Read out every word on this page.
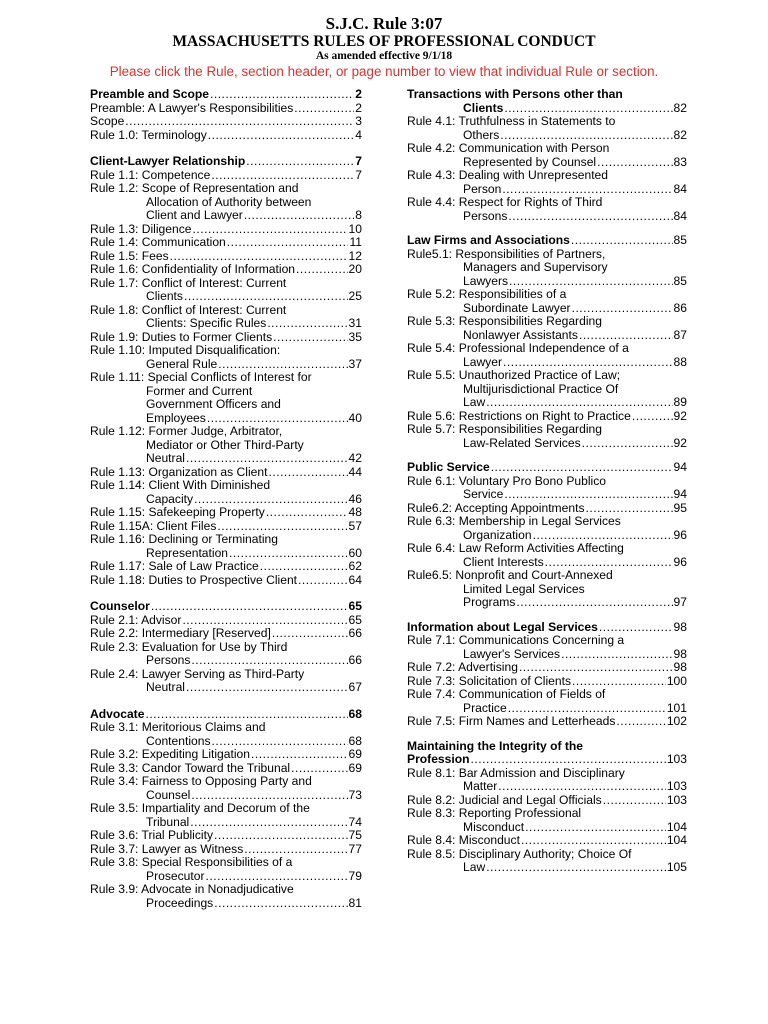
S.J.C. Rule 3:07
MASSACHUSETTS RULES OF PROFESSIONAL CONDUCT
As amended effective 9/1/18
Please click the Rule, section header, or page number to view that individual Rule or section.
Preamble and Scope .....	2
Preamble: A Lawyer's Responsibilities .....	2
Scope .....	3
Rule 1.0: Terminology .....	4
Client-Lawyer Relationship .....	7
Rule 1.1: Competence .....	7
Rule 1.2: Scope of Representation and
Allocation of Authority between
Client and Lawyer .....	8
Rule 1.3: Diligence .....	10
Rule 1.4: Communication .....	11
Rule 1.5: Fees .....	12
Rule 1.6: Confidentiality of Information .....	20
Rule 1.7: Conflict of Interest: Current
Clients .....	25
Rule 1.8: Conflict of Interest: Current
Clients: Specific Rules .....	31
Rule 1.9: Duties to Former Clients .....	35
Rule 1.10: Imputed Disqualification:
General Rule .....	37
Rule 1.11: Special Conflicts of Interest for
Former and Current
Government Officers and
Employees .....	40
Rule 1.12: Former Judge, Arbitrator,
Mediator or Other Third-Party
Neutral .....	42
Rule 1.13: Organization as Client .....	44
Rule 1.14: Client With Diminished
Capacity .....	46
Rule 1.15: Safekeeping Property .....	48
Rule 1.15A: Client Files .....	57
Rule 1.16: Declining or Terminating
Representation .....	60
Rule 1.17: Sale of Law Practice .....	62
Rule 1.18: Duties to Prospective Client .....	64
Counselor .....	65
Rule 2.1: Advisor .....	65
Rule 2.2: Intermediary [Reserved] .....	66
Rule 2.3: Evaluation for Use by Third
Persons .....	66
Rule 2.4: Lawyer Serving as Third-Party
Neutral .....	67
Advocate .....	68
Rule 3.1: Meritorious Claims and
Contentions .....	68
Rule 3.2: Expediting Litigation .....	69
Rule 3.3: Candor Toward the Tribunal .....	69
Rule 3.4: Fairness to Opposing Party and
Counsel .....	73
Rule 3.5: Impartiality and Decorum of the
Tribunal .....	74
Rule 3.6: Trial Publicity .....	75
Rule 3.7: Lawyer as Witness .....	77
Rule 3.8: Special Responsibilities of a
Prosecutor .....	79
Rule 3.9: Advocate in Nonadjudicative
Proceedings .....	81
Transactions with Persons other than
Clients .....	82
Rule 4.1: Truthfulness in Statements to
Others .....	82
Rule 4.2: Communication with Person
Represented by Counsel .....	83
Rule 4.3: Dealing with Unrepresented
Person .....	84
Rule 4.4: Respect for Rights of Third
Persons .....	84
Law Firms and Associations .....	85
Rule5.1: Responsibilities of Partners,
Managers and Supervisory
Lawyers .....	85
Rule 5.2: Responsibilities of a
Subordinate Lawyer .....	86
Rule 5.3: Responsibilities Regarding
Nonlawyer Assistants .....	87
Rule 5.4: Professional Independence of a
Lawyer .....	88
Rule 5.5: Unauthorized Practice of Law;
Multijurisdictional Practice Of
Law .....	89
Rule 5.6: Restrictions on Right to Practice .....	92
Rule 5.7: Responsibilities Regarding
Law-Related Services .....	92
Public Service .....	94
Rule 6.1: Voluntary Pro Bono Publico
Service .....	94
Rule6.2: Accepting Appointments .....	95
Rule 6.3: Membership in Legal Services
Organization .....	96
Rule 6.4: Law Reform Activities Affecting
Client Interests .....	96
Rule6.5: Nonprofit and Court-Annexed
Limited Legal Services
Programs .....	97
Information about Legal Services .....	98
Rule 7.1: Communications Concerning a
Lawyer's Services .....	98
Rule 7.2: Advertising .....	98
Rule 7.3: Solicitation of Clients .....	100
Rule 7.4: Communication of Fields of
Practice .....	101
Rule 7.5: Firm Names and Letterheads .....	102
Maintaining the Integrity of the
Profession .....	103
Rule 8.1: Bar Admission and Disciplinary
Matter .....	103
Rule 8.2: Judicial and Legal Officials .....	103
Rule 8.3: Reporting Professional
Misconduct .....	104
Rule 8.4: Misconduct .....	104
Rule 8.5: Disciplinary Authority; Choice Of
Law .....	105
